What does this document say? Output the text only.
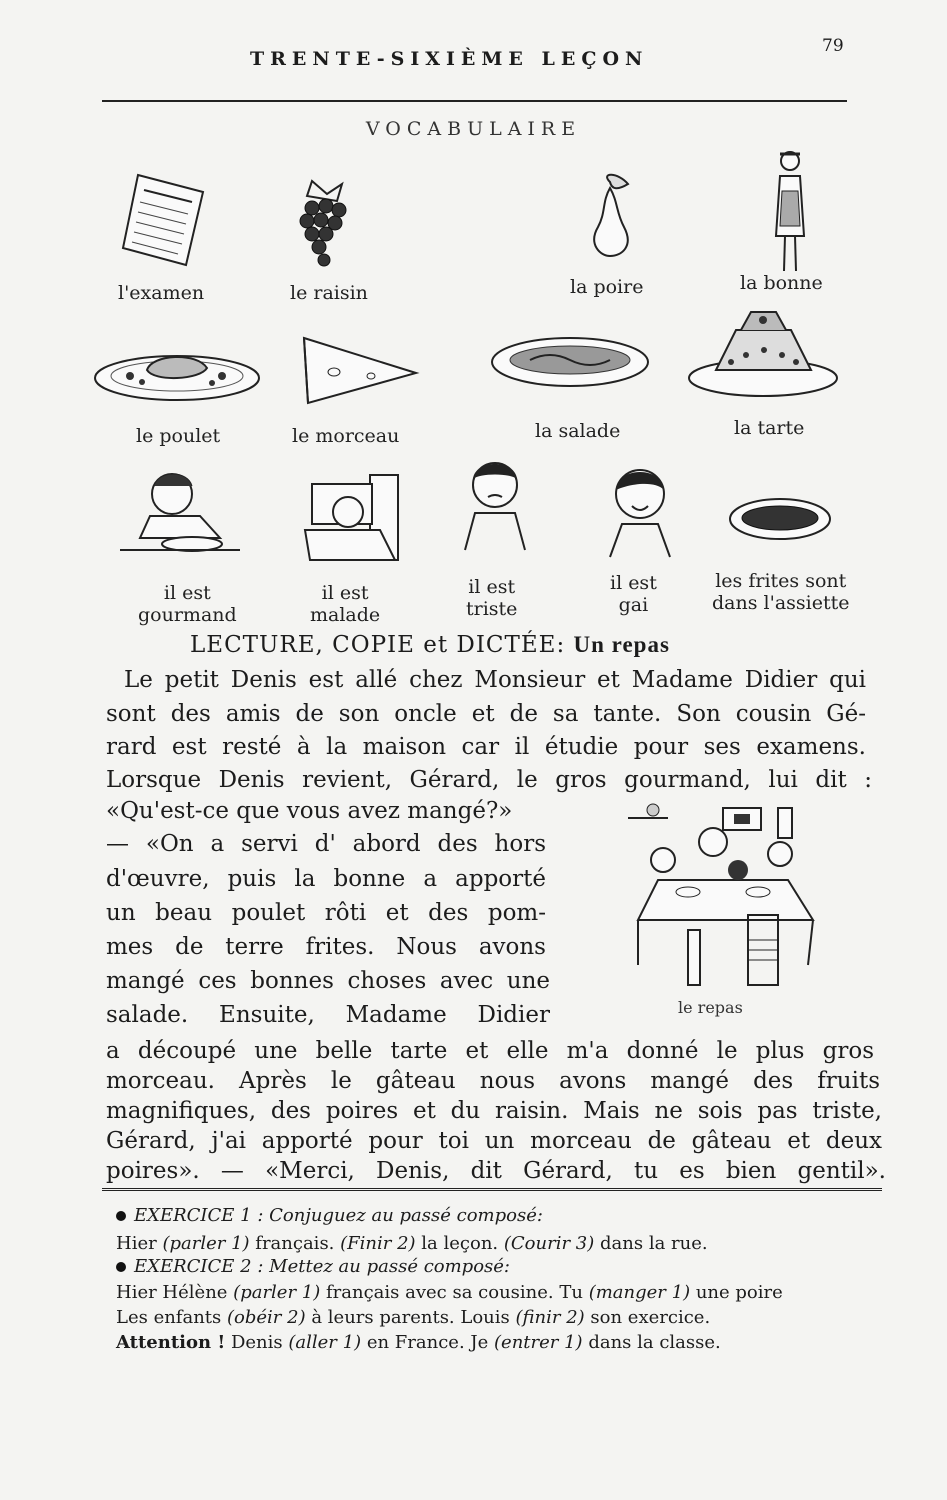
TRENTE-SIXIÈME LEÇON
79
VOCABULAIRE
l'examen	le raisin	la poire	la bonne
le poulet	le morceau	la salade	la tarte
il est
gourmand
il est
malade
il est
triste
il est
gai
les frites sont
dans l'assiette
LECTURE, COPIE et DICTÉE: Un repas
Le petit Denis est allé chez Monsieur et Madame Didier qui
sont des amis de son oncle et de sa tante. Son cousin Gé-
rard est resté à la maison car il étudie pour ses examens.
Lorsque Denis revient, Gérard, le gros gourmand, lui dit :
«Qu'est-ce que vous avez mangé?»
— «On a servi d' abord des hors
d'œuvre, puis la bonne a apporté
un beau poulet rôti et des pom-
mes de terre frites. Nous avons
mangé ces bonnes choses avec une
salade. Ensuite, Madame Didier
a découpé une belle tarte et elle m'a donné le plus gros
morceau. Après le gâteau nous avons mangé des fruits
magnifiques, des poires et du raisin. Mais ne sois pas triste,
Gérard, j'ai apporté pour toi un morceau de gâteau et deux
poires». — «Merci, Denis, dit Gérard, tu es bien gentil».
le repas
EXERCICE 1 : Conjuguez au passé composé:
Hier (parler 1) français. (Finir 2) la leçon. (Courir 3) dans la rue.
EXERCICE 2 : Mettez au passé composé:
Hier Hélène (parler 1) français avec sa cousine. Tu (manger 1) une poire
Les enfants (obéir 2) à leurs parents. Louis (finir 2) son exercice.
Attention ! Denis (aller 1) en France. Je (entrer 1) dans la classe.
